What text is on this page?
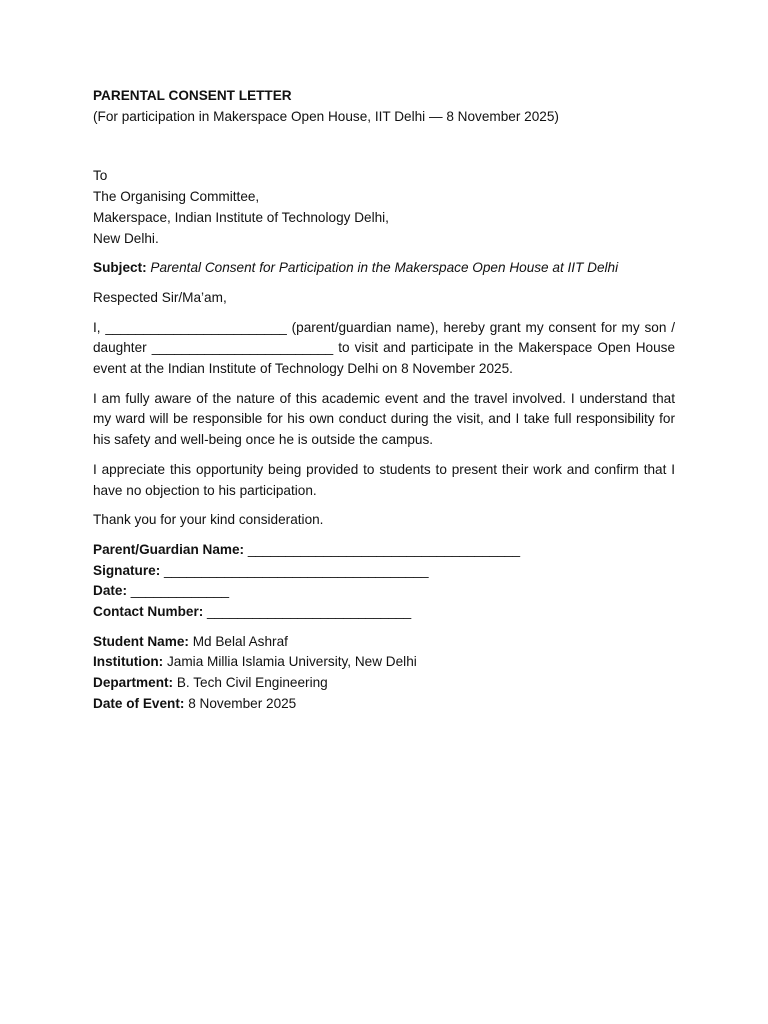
PARENTAL CONSENT LETTER
(For participation in Makerspace Open House, IIT Delhi — 8 November 2025)
To
The Organising Committee,
Makerspace, Indian Institute of Technology Delhi,
New Delhi.

Subject: Parental Consent for Participation in the Makerspace Open House at IIT Delhi

Respected Sir/Ma’am,

I, ________________________ (parent/guardian name), hereby grant my consent for my son / daughter ________________________ to visit and participate in the Makerspace Open House event at the Indian Institute of Technology Delhi on 8 November 2025.

I am fully aware of the nature of this academic event and the travel involved. I understand that my ward will be responsible for his own conduct during the visit, and I take full responsibility for his safety and well-being once he is outside the campus.

I appreciate this opportunity being provided to students to present their work and confirm that I have no objection to his participation.

Thank you for your kind consideration.

Parent/Guardian Name: ____________________________________
Signature: ___________________________________
Date: _____________
Contact Number: ___________________________
Student Name: Md Belal Ashraf
Institution: Jamia Millia Islamia University, New Delhi
Department: B. Tech Civil Engineering
Date of Event: 8 November 2025
